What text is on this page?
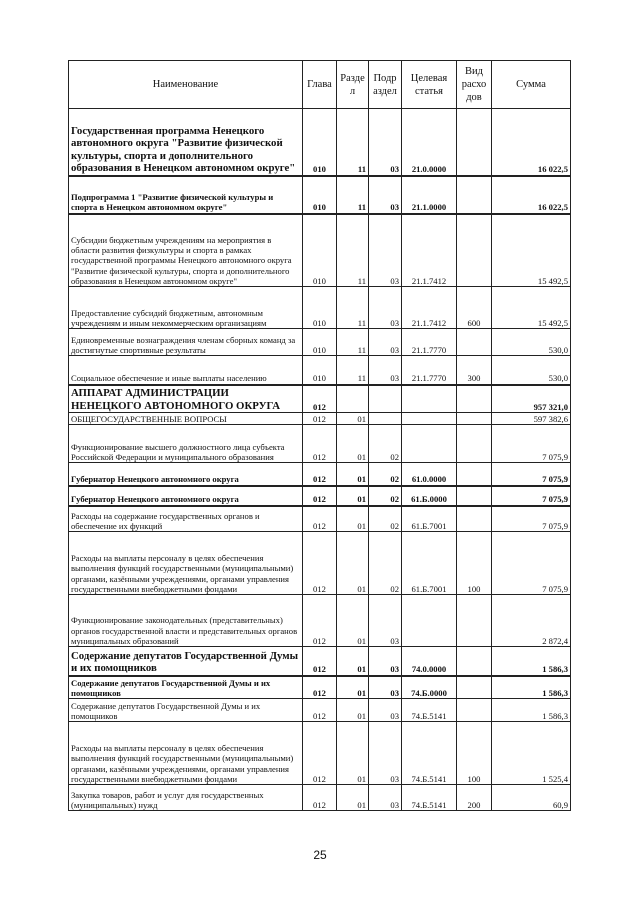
Наименование	Глава	Разде л	Подр аздел	Целевая статья	Вид расхо дов	Сумма
Государственная программа Ненецкого автономного округа "Развитие физической культуры, спорта и дополнительного образования в Ненецком автономном округе"	010	11	03	21.0.0000		16 022,5
Подпрограмма 1 "Развитие физической культуры и спорта в Ненецком автономном округе"	010	11	03	21.1.0000		16 022,5
Субсидии бюджетным учреждениям на мероприятия в области развития физкультуры и спорта в рамках государственной программы Ненецкого автономного округа "Развитие физической культуры, спорта и дополнительного образования в Ненецком автономном округе"	010	11	03	21.1.7412		15 492,5
Предоставление субсидий бюджетным, автономным учреждениям и иным некоммерческим организациям	010	11	03	21.1.7412	600	15 492,5
Единовременные вознаграждения членам сборных команд за достигнутые спортивные результаты	010	11	03	21.1.7770		530,0
Социальное обеспечение и иные выплаты населению	010	11	03	21.1.7770	300	530,0
АППАРАТ АДМИНИСТРАЦИИ НЕНЕЦКОГО АВТОНОМНОГО ОКРУГА	012					957 321,0
ОБЩЕГОСУДАРСТВЕННЫЕ ВОПРОСЫ	012	01				597 382,6
Функционирование высшего должностного лица субъекта Российской Федерации и муниципального образования	012	01	02			7 075,9
Губернатор Ненецкого автономного округа	012	01	02	61.0.0000		7 075,9
Губернатор Ненецкого автономного округа	012	01	02	61.Б.0000		7 075,9
Расходы на содержание государственных органов и обеспечение их функций	012	01	02	61.Б.7001		7 075,9
Расходы на выплаты персоналу в целях обеспечения выполнения функций государственными (муниципальными) органами, казёнными учреждениями, органами управления государственными внебюджетными фондами	012	01	02	61.Б.7001	100	7 075,9
Функционирование законодательных (представительных) органов государственной власти и представительных органов муниципальных образований	012	01	03			2 872,4
Содержание депутатов Государственной Думы и их помощников	012	01	03	74.0.0000		1 586,3
Содержание депутатов Государственной Думы и их помощников	012	01	03	74.Б.0000		1 586,3
Содержание депутатов Государственной Думы и их помощников	012	01	03	74.Б.5141		1 586,3
Расходы на выплаты персоналу в целях обеспечения выполнения функций государственными (муниципальными) органами, казёнными учреждениями, органами управления государственными внебюджетными фондами	012	01	03	74.Б.5141	100	1 525,4
Закупка товаров, работ и услуг для государственных (муниципальных) нужд	012	01	03	74.Б.5141	200	60,9
25
